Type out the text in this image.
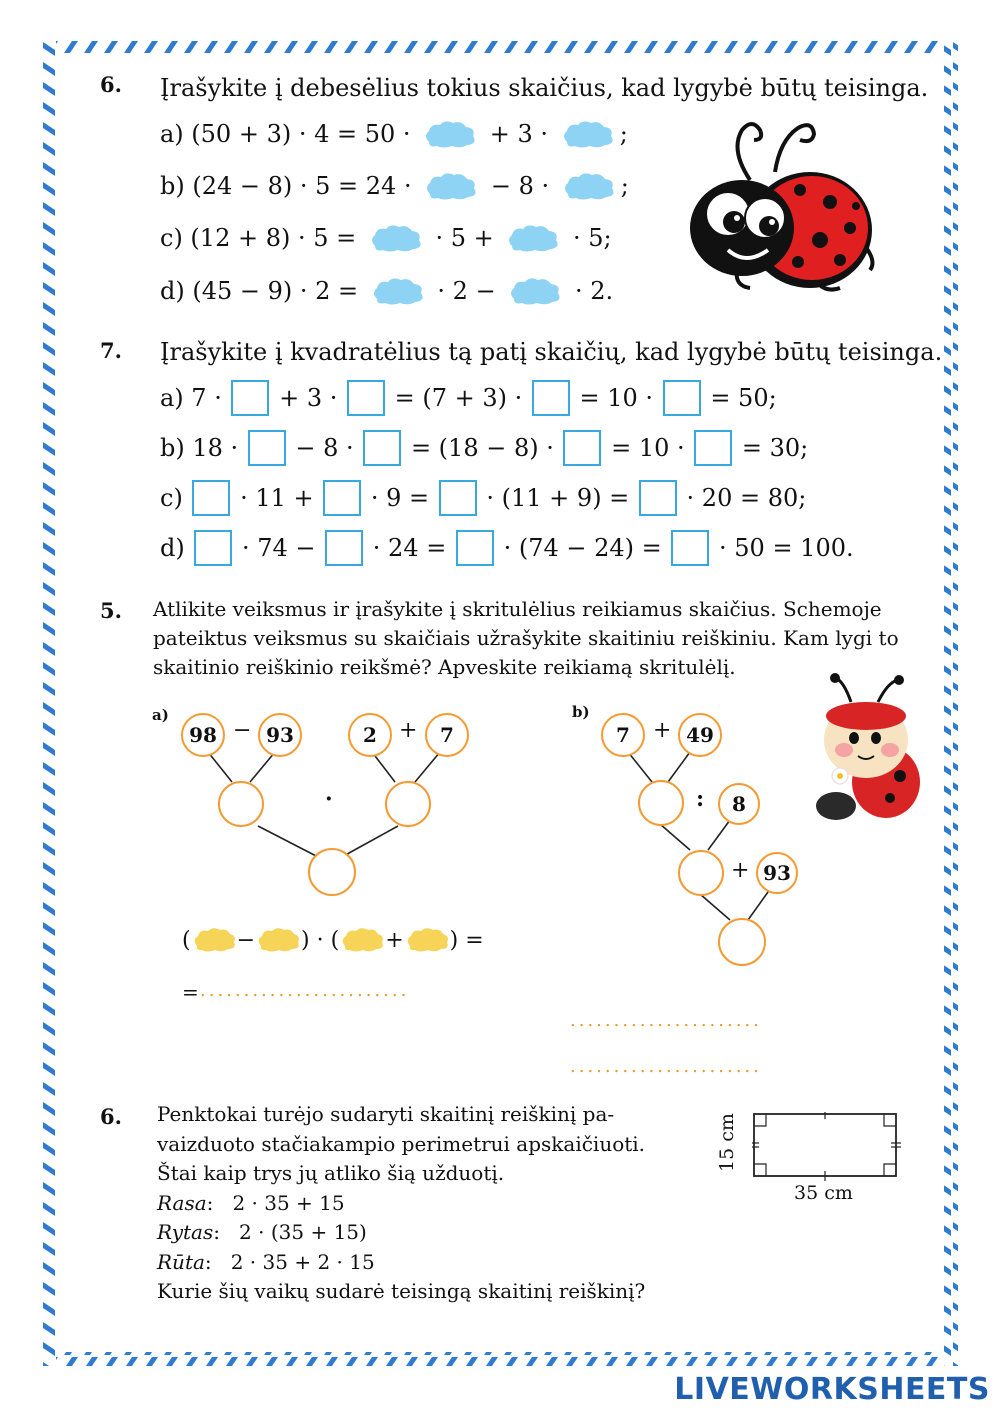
6. Įrašykite į debesėlius tokius skaičius, kad lygybė būtų teisinga.
a) (50 + 3) · 4 = 50 ·	+ 3 ·	;
b) (24 − 8) · 5 = 24 ·	− 8 ·	;
c) (12 + 8) · 5 =	· 5 +	· 5;
d) (45 − 9) · 2 =	· 2 −	· 2.
7. Įrašykite į kvadratėlius tą patį skaičių, kad lygybė būtų teisinga.
a) 7 · + 3 · = (7 + 3) · = 10 · = 50;
b) 18 · − 8 · = (18 − 8) · = 10 · = 30;
c) · 11 + · 9 = · (11 + 9) = · 20 = 80;
d) · 74 − · 24 = · (74 − 24) = · 50 = 100.
5. Atlikite veiksmus ir įrašykite į skritulėlius reikiamus skaičius. Schemoje
pateiktus veiksmus su skaičiais užrašykite skaitiniu reiškiniu. Kam lygi to
skaitinio reiškinio reikšmė? Apveskite reikiamą skritulėlį.
a)
98 − 93	2	+	7
·
( − ) · ( + ) =
= ........................
b)
7	+ 49
:	8
+ 93
......................
......................
6. Penktokai turėjo sudaryti skaitinį reiškinį pa-
vaizduoto stačiakampio perimetrui apskaičiuoti.
Štai kaip trys jų atliko šią užduotį.
Rasa:   2 · 35 + 15
Rytas:   2 · (35 + 15)
Rūta:   2 · 35 + 2 · 15
Kurie šių vaikų sudarė teisingą skaitinį reiškinį?
15 cm
35 cm
LIVEWORKSHEETS
